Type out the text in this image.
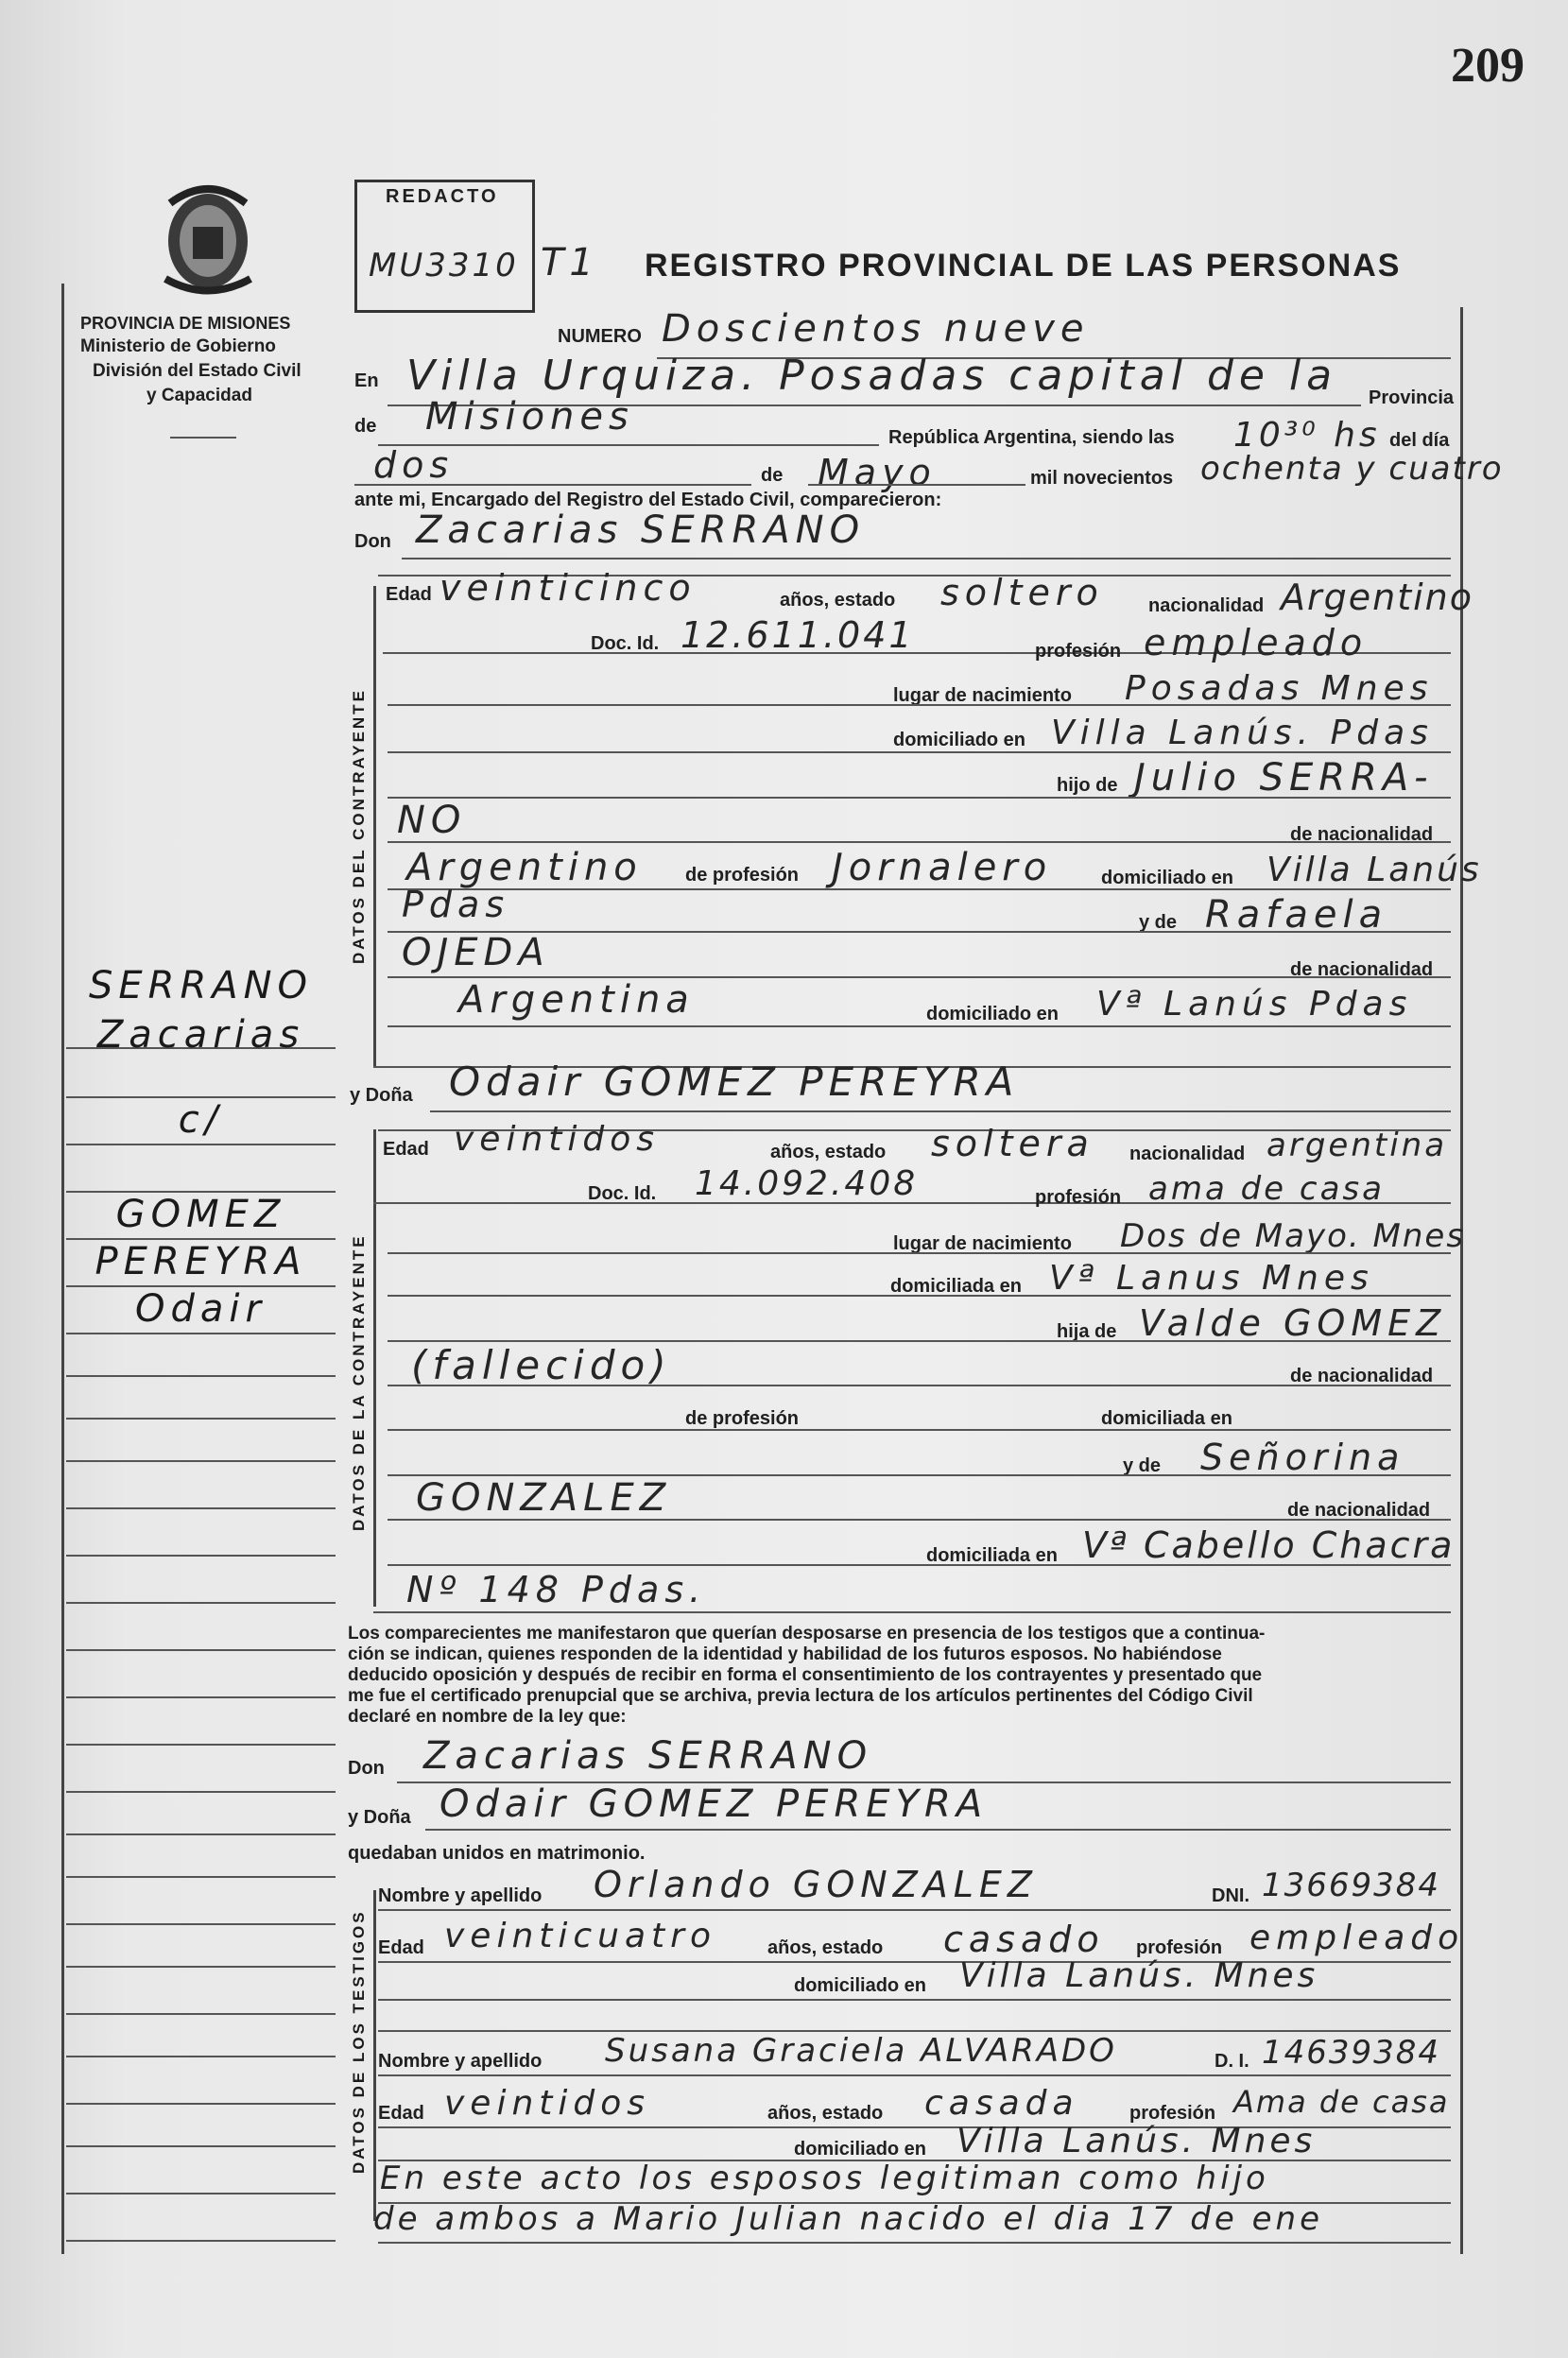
209
PROVINCIA DE MISIONES
Ministerio de Gobierno
División del Estado Civil
y Capacidad
REDACTO
MU3310 T1 REGISTRO PROVINCIAL DE LAS PERSONAS
DATOS DEL CONTRAYENTE
DATOS DE LA CONTRAYENTE
DATOS DE LOS TESTIGOS
SERRANO
Zacarias
c/
GOMEZ
PEREYRA
Odair
NUMERO Doscientos nueve
En Villa Urquiza. Posadas capital de la Provincia
de Misiones	República Argentina, siendo las 10³⁰ hs del día
dos	de Mayo	mil novecientos ochenta y cuatro
ante mi, Encargado del Registro del Estado Civil, comparecieron:
Don Zacarias SERRANO
Edad veinticinco	años, estado soltero nacionalidad Argentino
Doc. Id. 12.611.041	profesión empleado
lugar de nacimiento Posadas Mnes
domiciliado en Villa Lanús. Pdas
hijo de Julio SERRA-
NO	de nacionalidad
Argentino de profesión Jornalero	domiciliado en Villa Lanús
Pdas	y de Rafaela
OJEDA	de nacionalidad
Argentina	domiciliado en Vª Lanús Pdas
y Doña Odair GOMEZ PEREYRA
Edad veintidos	años, estado soltera nacionalidad argentina
Doc. Id. 14.092.408	profesión ama de casa
lugar de nacimiento Dos de Mayo. Mnes
domiciliada en Vª Lanus Mnes
hija de Valde GOMEZ
(fallecido)	de nacionalidad
de profesión	domiciliada en
y de Señorina
GONZALEZ	de nacionalidad
domiciliada en Vª Cabello Chacra
Nº 148 Pdas.
Los comparecientes me manifestaron que querían desposarse en presencia de los testigos que a continua-
ción se indican, quienes responden de la identidad y habilidad de los futuros esposos. No habiéndose
deducido oposición y después de recibir en forma el consentimiento de los contrayentes y presentado que
me fue el certificado prenupcial que se archiva, previa lectura de los artículos pertinentes del Código Civil
declaré en nombre de la ley que:
Don Zacarias SERRANO
y Doña Odair GOMEZ PEREYRA
quedaban unidos en matrimonio.
Nombre y apellido Orlando GONZALEZ	DNI. 13669384
Edad veinticuatro	años, estado casado profesión empleado
domiciliado en Villa Lanús. Mnes
Nombre y apellido Susana Graciela ALVARADO	D. I. 14639384
Edad veintidos	años, estado casada	profesión Ama de casa
domiciliado en Villa Lanús. Mnes
En este acto los esposos legitiman como hijo
de ambos a Mario Julian nacido el dia 17 de ene
